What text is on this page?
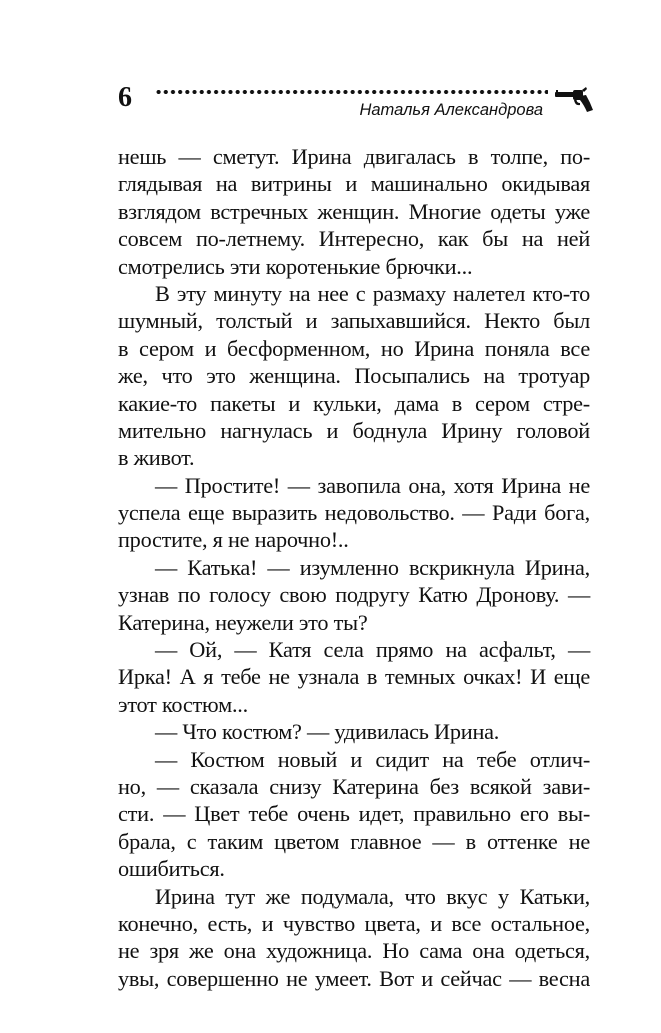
6	Наталья Александрова
нешь — сметут. Ирина двигалась в толпе, по-
глядывая на витрины и машинально окидывая
взглядом встречных женщин. Многие одеты уже
совсем по-летнему. Интересно, как бы на ней
смотрелись эти коротенькие брючки...
В эту минуту на нее с размаху налетел кто-то
шумный, толстый и запыхавшийся. Некто был
в сером и бесформенном, но Ирина поняла все
же, что это женщина. Посыпались на тротуар
какие-то пакеты и кульки, дама в сером стре-
мительно нагнулась и боднула Ирину головой
в живот.
— Простите! — завопила она, хотя Ирина не
успела еще выразить недовольство. — Ради бога,
простите, я не нарочно!..
— Катька! — изумленно вскрикнула Ирина,
узнав по голосу свою подругу Катю Дронову. —
Катерина, неужели это ты?
— Ой, — Катя села прямо на асфальт, —
Ирка! А я тебе не узнала в темных очках! И еще
этот костюм...
— Что костюм? — удивилась Ирина.
— Костюм новый и сидит на тебе отлич-
но, — сказала снизу Катерина без всякой зави-
сти. — Цвет тебе очень идет, правильно его вы-
брала, с таким цветом главное — в оттенке не
ошибиться.
Ирина тут же подумала, что вкус у Катьки,
конечно, есть, и чувство цвета, и все остальное,
не зря же она художница. Но сама она одеться,
увы, совершенно не умеет. Вот и сейчас — весна
